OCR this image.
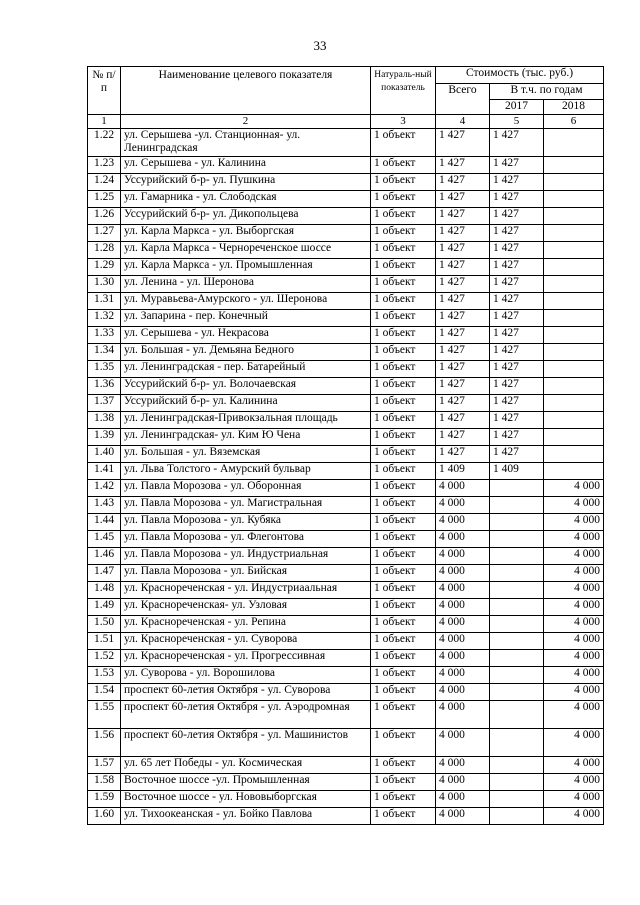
33
№ п/п	Наименование целевого показателя	Натураль-ный показатель	Стоимость (тыс. руб.)		
			Всего	В т.ч. по годам	
				2017	2018
1	2	3	4	5	6
1.22	ул. Серышева -ул. Станционная- ул. Ленинградская	1 объект	1 427	1 427	
1.23	ул. Серышева - ул. Калинина	1 объект	1 427	1 427	
1.24	Уссурийский б-р- ул. Пушкина	1 объект	1 427	1 427	
1.25	ул. Гамарника - ул. Слободская	1 объект	1 427	1 427	
1.26	Уссурийский б-р- ул. Дикопольцева	1 объект	1 427	1 427	
1.27	ул. Карла Маркса - ул. Выборгская	1 объект	1 427	1 427	
1.28	ул. Карла Маркса - Чернореченское шоссе	1 объект	1 427	1 427	
1.29	ул. Карла Маркса - ул. Промышленная	1 объект	1 427	1 427	
1.30	ул. Ленина - ул. Шеронова	1 объект	1 427	1 427	
1.31	ул. Муравьева-Амурского - ул. Шеронова	1 объект	1 427	1 427	
1.32	ул. Запарина - пер. Конечный	1 объект	1 427	1 427	
1.33	ул. Серышева - ул. Некрасова	1 объект	1 427	1 427	
1.34	ул. Большая - ул. Демьяна Бедного	1 объект	1 427	1 427	
1.35	ул. Ленинградская - пер. Батарейный	1 объект	1 427	1 427	
1.36	Уссурийский б-р- ул. Волочаевская	1 объект	1 427	1 427	
1.37	Уссурийский б-р- ул. Калинина	1 объект	1 427	1 427	
1.38	ул. Ленинградская-Привокзальная площадь	1 объект	1 427	1 427	
1.39	ул. Ленинградская- ул. Ким Ю Чена	1 объект	1 427	1 427	
1.40	ул. Большая - ул. Вяземская	1 объект	1 427	1 427	
1.41	ул. Льва Толстого - Амурский бульвар	1 объект	1 409	1 409	
1.42	ул. Павла Морозова - ул. Оборонная	1 объект	4 000		4 000
1.43	ул. Павла Морозова - ул. Магистральная	1 объект	4 000		4 000
1.44	ул. Павла Морозова - ул. Кубяка	1 объект	4 000		4 000
1.45	ул. Павла Морозова - ул. Флегонтова	1 объект	4 000		4 000
1.46	ул. Павла Морозова - ул. Индустриальная	1 объект	4 000		4 000
1.47	ул. Павла Морозова - ул. Бийская	1 объект	4 000		4 000
1.48	ул. Краснореченская - ул. Индустриаальная	1 объект	4 000		4 000
1.49	ул. Краснореченская- ул. Узловая	1 объект	4 000		4 000
1.50	ул. Краснореченская - ул. Репина	1 объект	4 000		4 000
1.51	ул. Краснореченская - ул. Суворова	1 объект	4 000		4 000
1.52	ул. Краснореченская - ул. Прогрессивная	1 объект	4 000		4 000
1.53	ул. Суворова - ул. Ворошилова	1 объект	4 000		4 000
1.54	проспект 60-летия Октября - ул. Суворова	1 объект	4 000		4 000
1.55	проспект 60-летия Октября - ул. Аэродромная	1 объект	4 000		4 000
1.56	проспект 60-летия Октября - ул. Машинистов	1 объект	4 000		4 000
1.57	ул. 65 лет Победы - ул. Космическая	1 объект	4 000		4 000
1.58	Восточное шоссе -ул. Промышленная	1 объект	4 000		4 000
1.59	Восточное шоссе - ул. Нововыборгская	1 объект	4 000		4 000
1.60	ул. Тихоокеанская - ул. Бойко Павлова	1 объект	4 000		4 000
